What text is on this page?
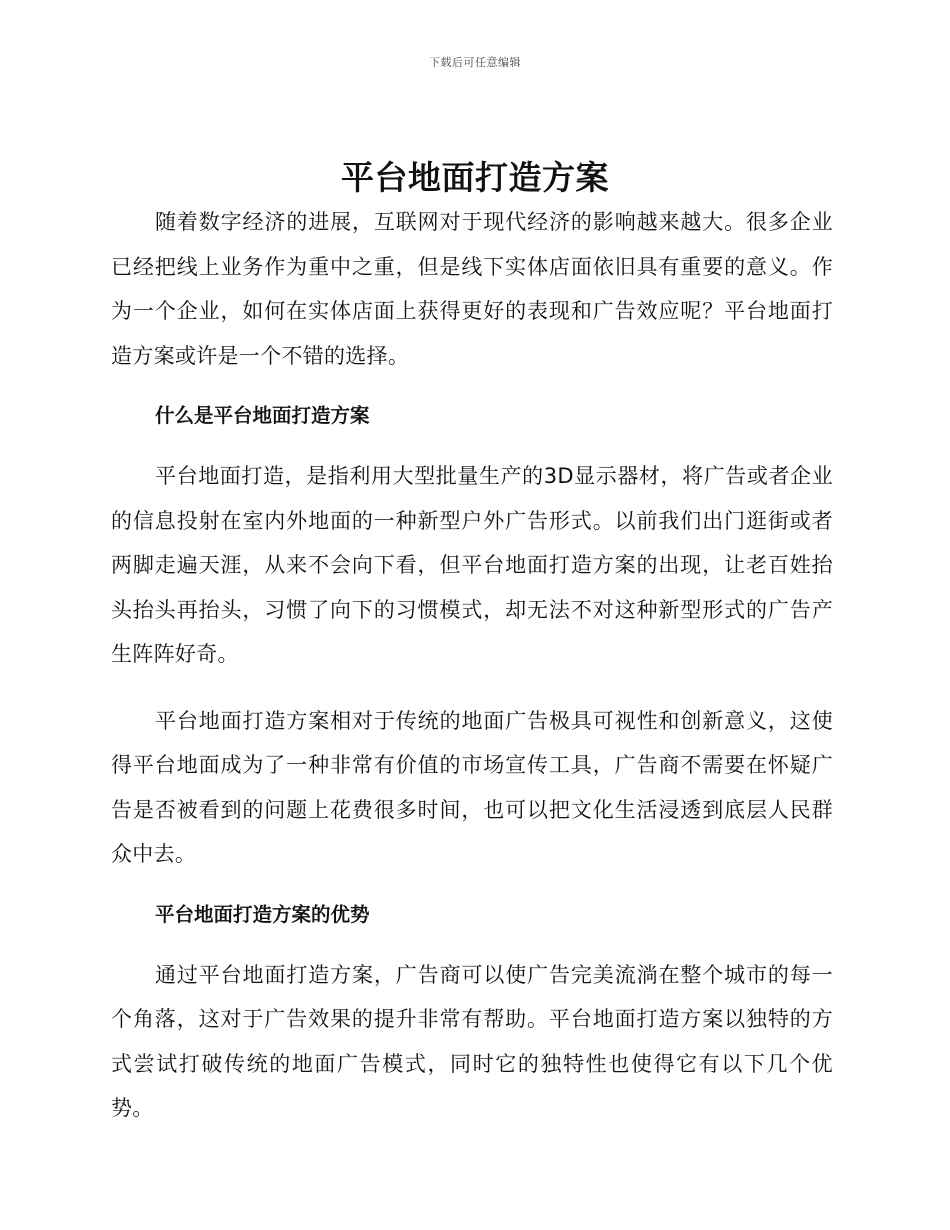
下载后可任意编辑
平台地面打造方案

随着数字经济的进展，互联网对于现代经济的影响越来越大。很多企业已经把线上业务作为重中之重，但是线下实体店面依旧具有重要的意义。作为一个企业，如何在实体店面上获得更好的表现和广告效应呢？平台地面打造方案或许是一个不错的选择。

什么是平台地面打造方案

平台地面打造，是指利用大型批量生产的3D显示器材，将广告或者企业的信息投射在室内外地面的一种新型户外广告形式。以前我们出门逛街或者两脚走遍天涯，从来不会向下看，但平台地面打造方案的出现，让老百姓抬头抬头再抬头，习惯了向下的习惯模式，却无法不对这种新型形式的广告产生阵阵好奇。

平台地面打造方案相对于传统的地面广告极具可视性和创新意义，这使得平台地面成为了一种非常有价值的市场宣传工具，广告商不需要在怀疑广告是否被看到的问题上花费很多时间，也可以把文化生活浸透到底层人民群众中去。

平台地面打造方案的优势

通过平台地面打造方案，广告商可以使广告完美流淌在整个城市的每一个角落，这对于广告效果的提升非常有帮助。平台地面打造方案以独特的方式尝试打破传统的地面广告模式，同时它的独特性也使得它有以下几个优势。
